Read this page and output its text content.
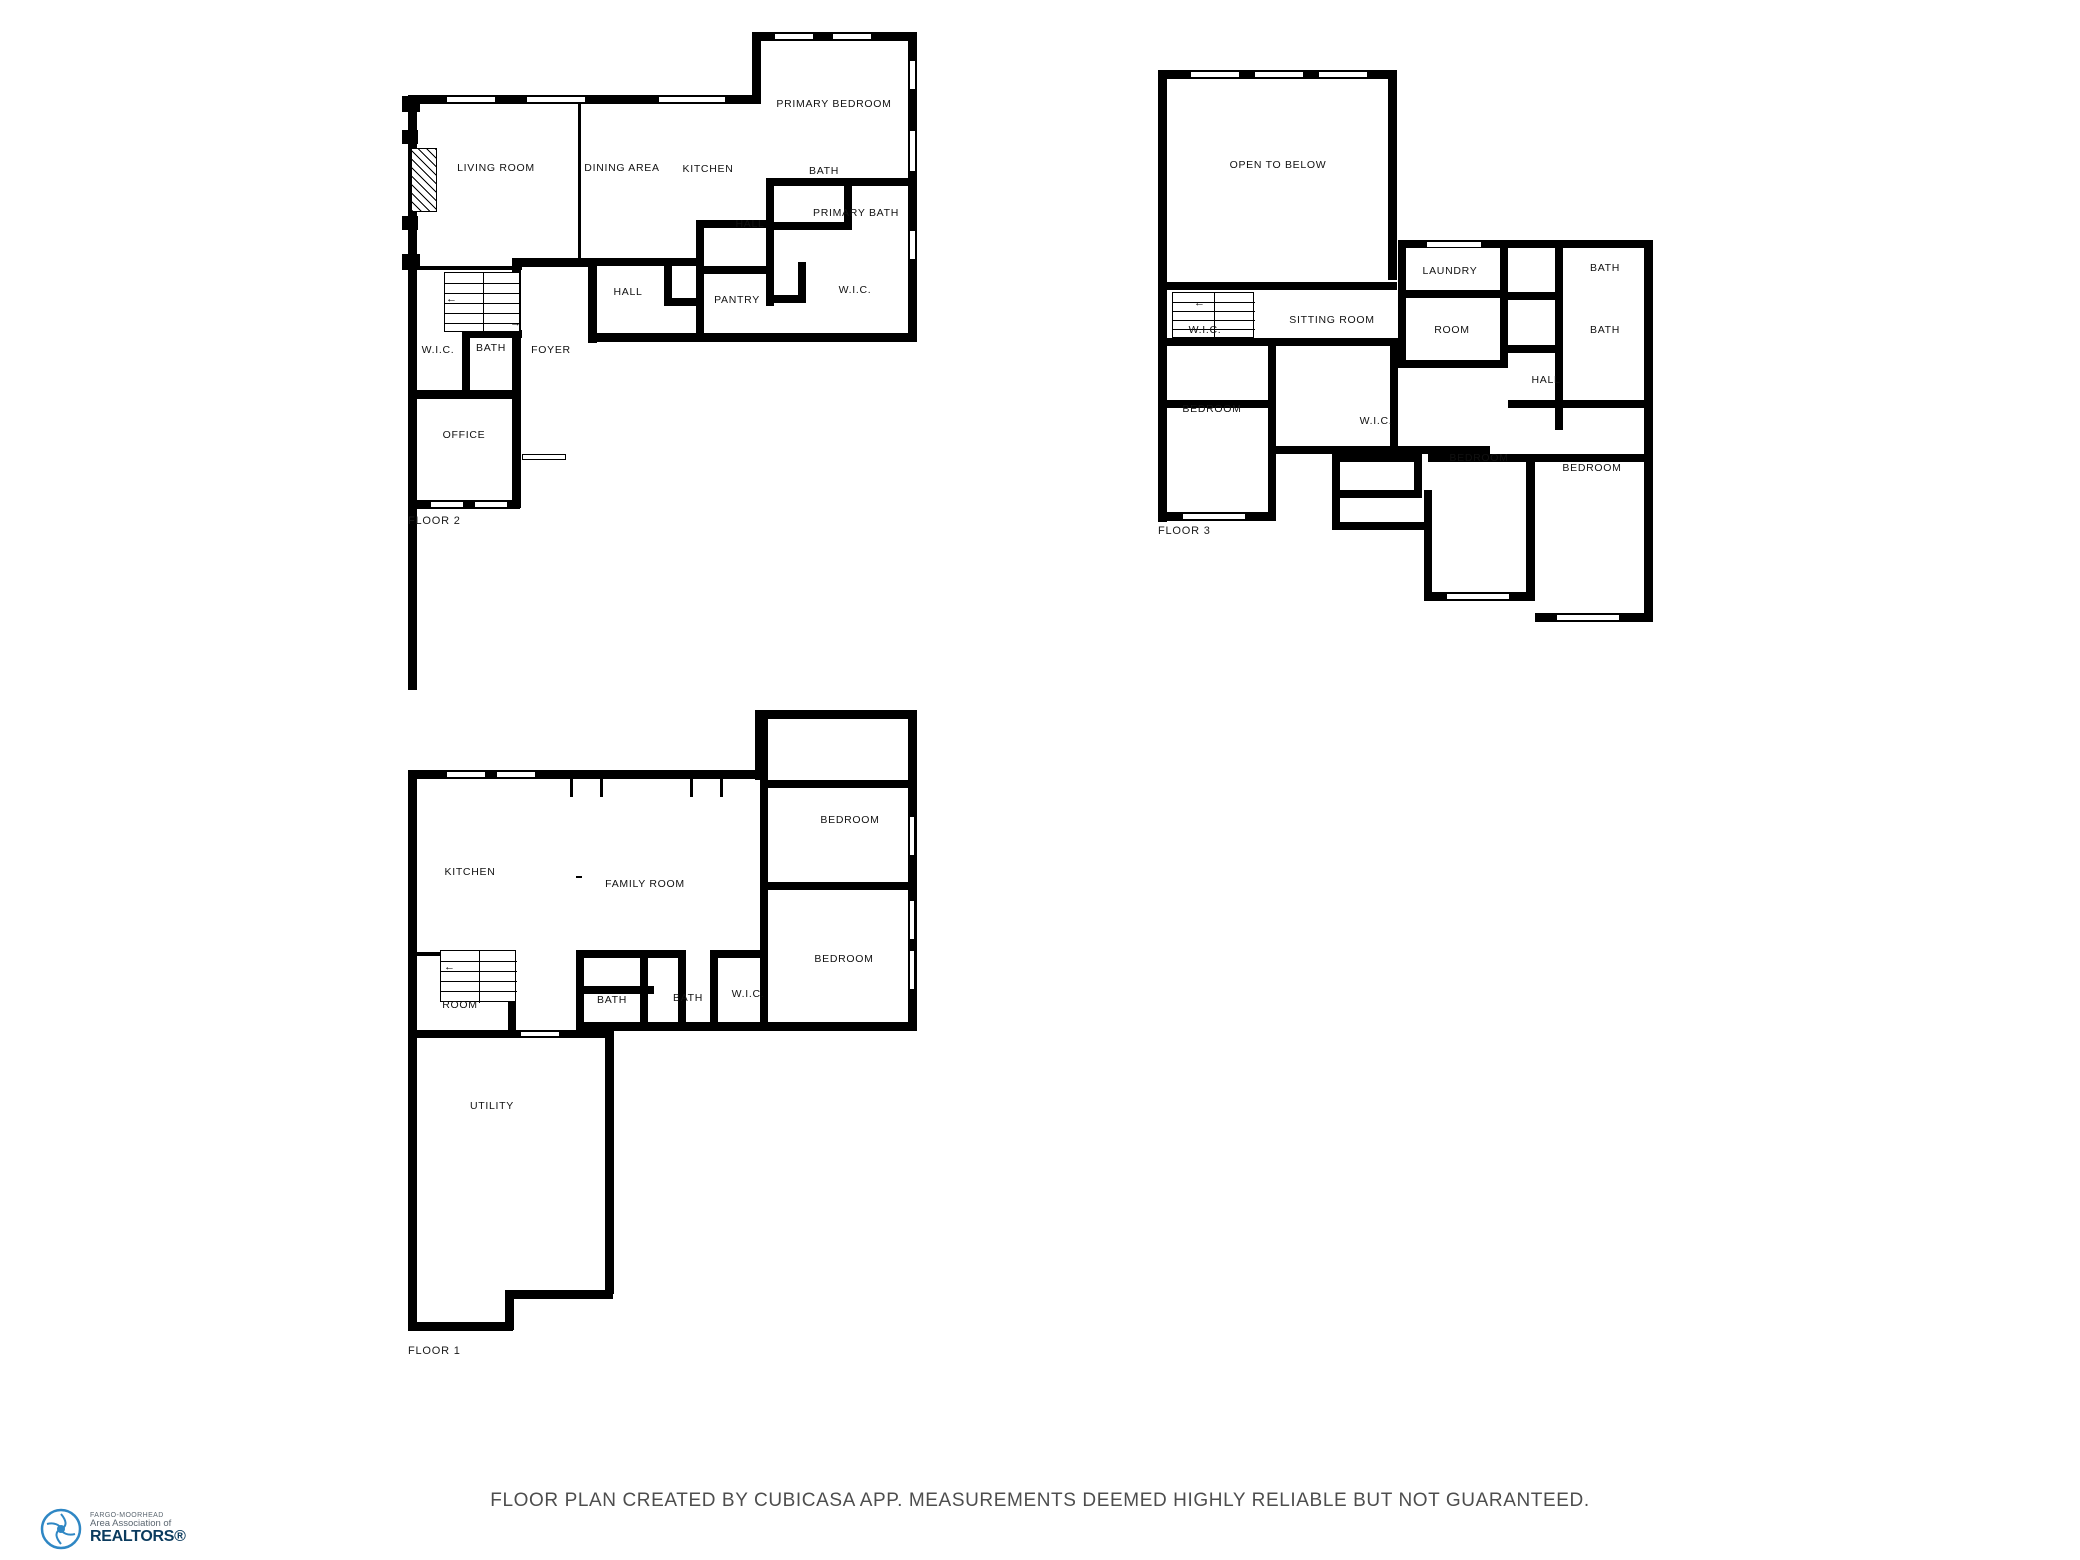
←
→
LIVING ROOM	DINING AREA KITCHEN
PRIMARY BEDROOM
BATH
PRIMARY BATH
HALL
HALL
PANTRY
W.I.C.
W.I.C. BATH FOYER
OFFICE
FLOOR 2
←
OPEN TO BELOW
LAUNDRY	BATH
BATH
SITTING ROOM
ROOM
W.I.C.
HALL
BEDROOM
W.I.C.
BEDROOM
BEDROOM
FLOOR 3
←
KITCHEN
FAMILY ROOM
BEDROOM
BEDROOM
ROOM	BATH	BATH	W.I.C.
UTILITY
FLOOR 1
FLOOR PLAN CREATED BY CUBICASA APP. MEASUREMENTS DEEMED HIGHLY RELIABLE BUT NOT GUARANTEED.
FARGO-MOORHEAD
Area Association of
REALTORS®
